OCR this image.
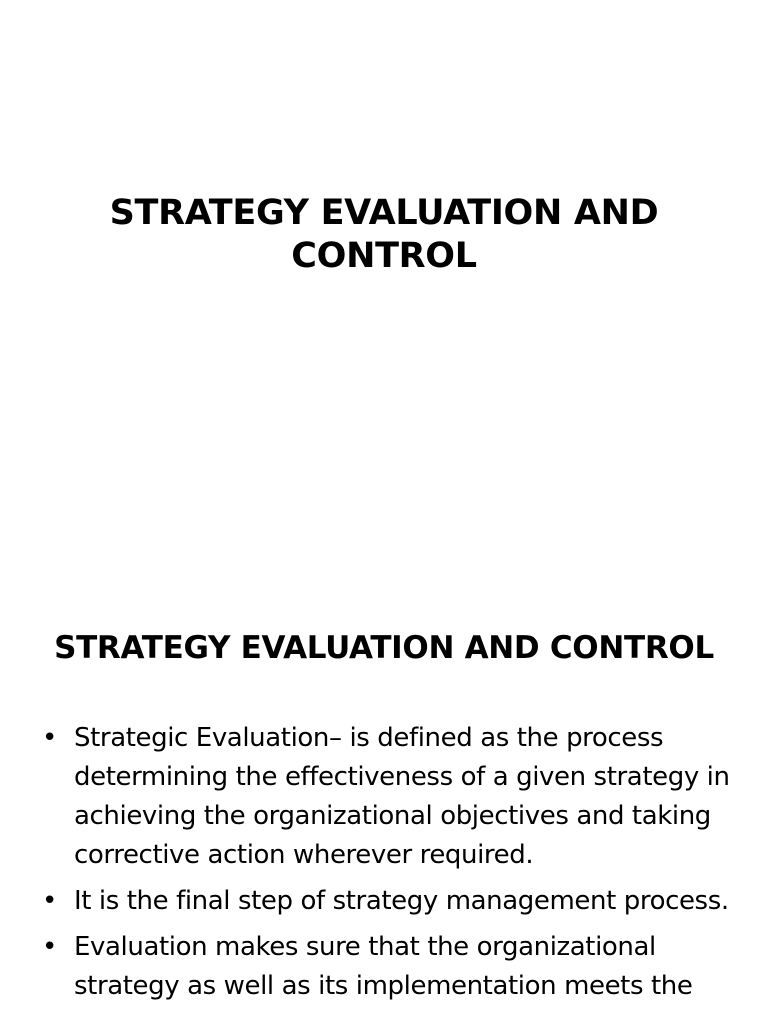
STRATEGY EVALUATION AND CONTROL
STRATEGY EVALUATION AND CONTROL
• Strategic Evaluation– is defined as the process determining the effectiveness of a given strategy in achieving the organizational objectives and taking corrective action wherever required.
• It is the final step of strategy management process.
• Evaluation makes sure that the organizational strategy as well as its implementation meets the
